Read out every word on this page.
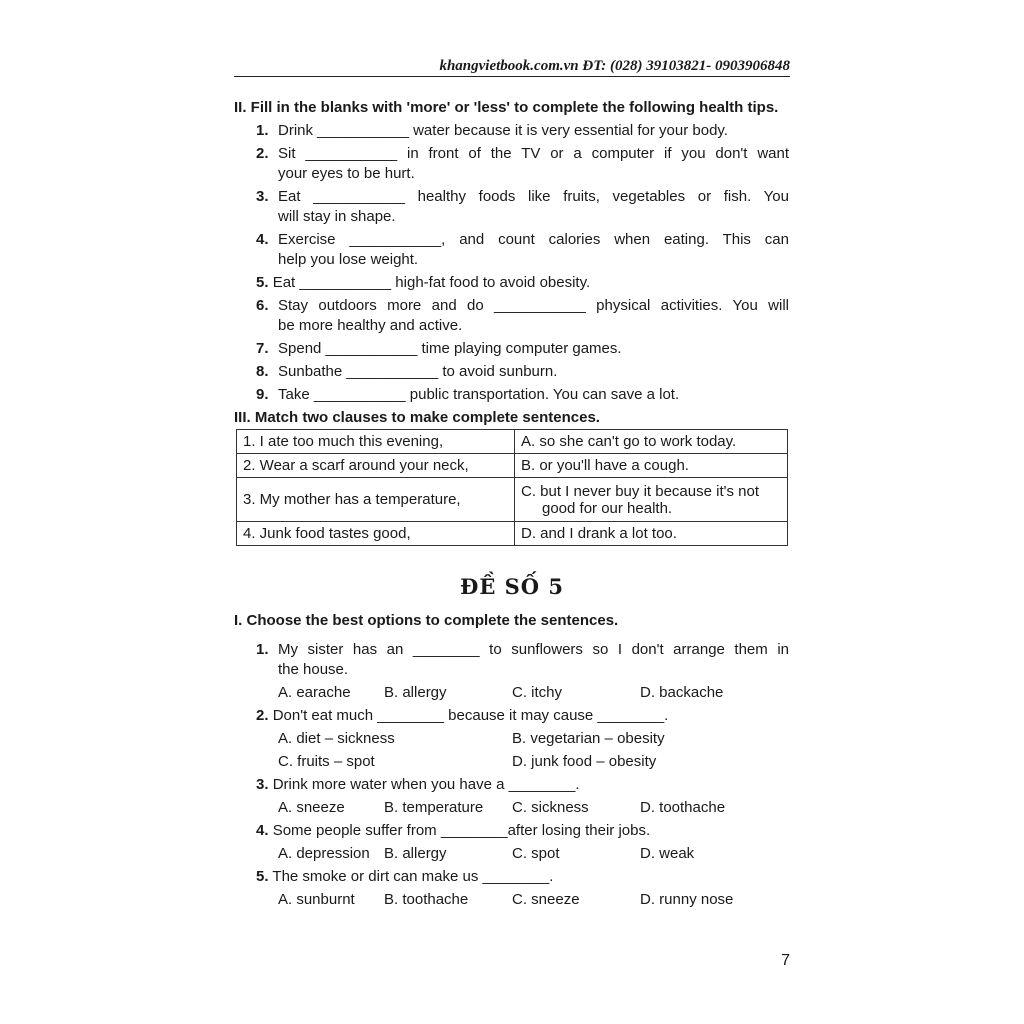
khangvietbook.com.vn ĐT: (028) 39103821- 0903906848
II. Fill in the blanks with 'more' or 'less' to complete the following health tips.
1. Drink ___________ water because it is very essential for your body.
2. Sit ___________ in front of the TV or a computer if you don't want
your eyes to be hurt.
3. Eat ___________ healthy foods like fruits, vegetables or fish. You
will stay in shape.
4. Exercise ___________, and count calories when eating. This can
help you lose weight.
5. Eat ___________ high-fat food to avoid obesity.
6. Stay outdoors more and do ___________ physical activities. You will
be more healthy and active.
7. Spend ___________ time playing computer games.
8. Sunbathe ___________ to avoid sunburn.
9. Take ___________ public transportation. You can save a lot.
III. Match two clauses to make complete sentences.
1. I ate too much this evening,	A. so she can't go to work today.
2. Wear a scarf around your neck,	B. or you'll have a cough.
3. My mother has a temperature,	C. but I never buy it because it's not
good for our health.

4. Junk food tastes good,	D. and I drank a lot too.
ĐỀ SỐ 5
I. Choose the best options to complete the sentences.
1. My sister has an ________ to sunflowers so I don't arrange them in
the house.
A. earache B. allergy	C. itchy	D. backache
2. Don't eat much ________ because it may cause ________.
A. diet – sickness	B. vegetarian – obesity
C. fruits – spot	D. junk food – obesity
3. Drink more water when you have a ________.
A. sneeze	B. temperature C. sickness	D. toothache
4. Some people suffer from ________after losing their jobs.
A. depression B. allergy	C. spot	D. weak
5. The smoke or dirt can make us ________.
A. sunburnt B. toothache	C. sneeze	D. runny nose
7
